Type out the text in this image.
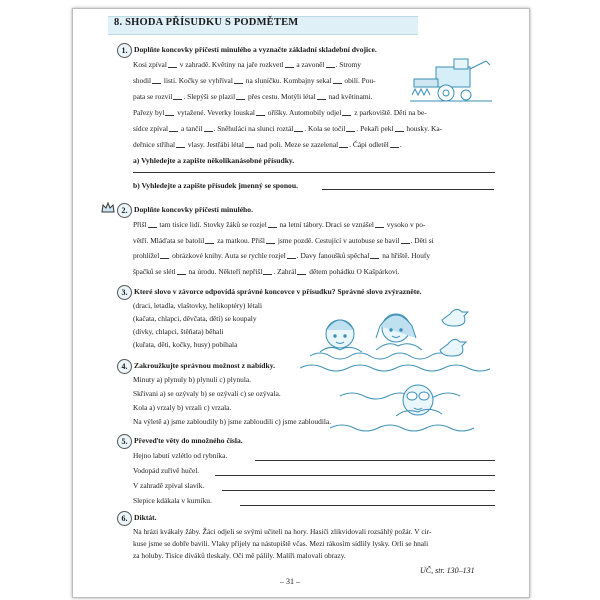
8. SHODA PŘÍSUDKU S PODMĚTEM
1. Doplňte koncovky příčestí minulého a vyznačte základní skladební dvojice.
Kosi zpíval v zahradě. Květiny na jaře rozkvetl a zavoněl . Stromy
shodil listí. Kočky se vyhříval na sluníčku. Kombajny sekal obilí. Pou-
pata se rozvil . Slepýši se plazil přes cestu. Motýli létal nad květinami.
Pařezy byl vytažené. Veverky louskal oříšky. Automobily odjel z parkoviště. Děti na be-
sídce zpíval a tančil . Sněhuláci na slunci roztál . Kola se točil . Pekaři pekl housky. Ka-
deřnice stříhal vlasy. Jestřábi létal nad poli. Meze se zazelenal . Čápi odletěl .
a) Vyhledejte a zapište několikanásobné přísudky.
b) Vyhledejte a zapište přísudek jmenný se sponou.
2. Doplňte koncovky příčestí minulého.
Přišl tam tisíce lidí. Stovky žáků se rozjel na letní tábory. Draci se vznášel vysoko v po-
větří. Mláďata se batolil za matkou. Přišl jsme pozdě. Cestující v autobuse se bavil . Děti si
prohlížel obrázkové knihy. Auta se rychle rozjel . Davy fanoušků spěchal na hřiště. Houfy
špačků se slétl na úrodu. Někteří nepřišl . Zahrál dětem pohádku O Kašpárkovi.
3. Které slovo v závorce odpovídá správné koncovce v přísudku? Správné slovo zvýrazněte.
(draci, letadla, vlaštovky, helikoptéry) létali
(kačata, chlapci, děvčata, děti) se koupaly
(dívky, chlapci, štěňata) běhali
(kuřata, děti, kočky, husy) pobíhala
4. Zakroužkujte správnou možnost z nabídky.
Minuty a) plynuly b) plynuli c) plynula.
Skřivani a) se ozývaly b) se ozývali c) se ozývala.
Kola a) vrzaly b) vrzali c) vrzala.
Na výletě a) jsme zabloudily b) jsme zabloudili c) jsme zabloudila.
5. Převeďte věty do množného čísla.
Hejno labutí vzlétlo od rybníka.
Vodopád zuřivě hučel.
V zahradě zpíval slavík.
Slepice kdákala v kurníku.
6. Diktát.
Na hrázi kvákaly žáby. Žáci odjeli se svými učiteli na hory. Hasiči zlikvidovali rozsáhlý požár. V cir-
kuse jsme se dobře bavili. Vlaky přijely na nástupiště včas. Mezi rákosím sídlily lysky. Orli se hnali
za holuby. Tisíce diváků tleskaly. Oči mě pálily. Malíři malovali obrazy.
UČ, str. 130–131
– 31 –
